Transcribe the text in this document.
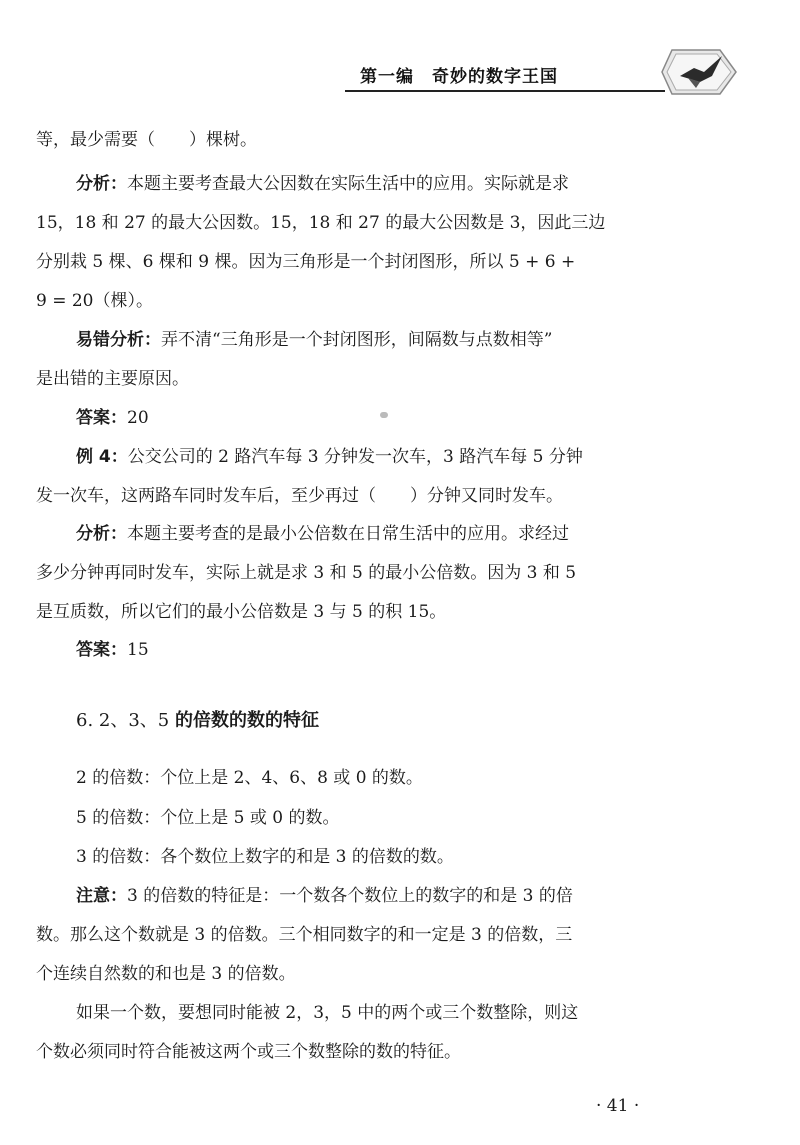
第一编　奇妙的数字王国
等，最少需要（　　）棵树。
分析：本题主要考查最大公因数在实际生活中的应用。实际就是求
15，18 和 27 的最大公因数。15，18 和 27 的最大公因数是 3，因此三边
分别栽 5 棵、6 棵和 9 棵。因为三角形是一个封闭图形，所以 5 + 6 +
9 = 20（棵）。
易错分析：弄不清“三角形是一个封闭图形，间隔数与点数相等”
是出错的主要原因。
答案：20
例 4：公交公司的 2 路汽车每 3 分钟发一次车，3 路汽车每 5 分钟
发一次车，这两路车同时发车后，至少再过（　　）分钟又同时发车。
分析：本题主要考查的是最小公倍数在日常生活中的应用。求经过
多少分钟再同时发车，实际上就是求 3 和 5 的最小公倍数。因为 3 和 5
是互质数，所以它们的最小公倍数是 3 与 5 的积 15。
答案：15
6. 2、3、5 的倍数的数的特征
2 的倍数：个位上是 2、4、6、8 或 0 的数。
5 的倍数：个位上是 5 或 0 的数。
3 的倍数：各个数位上数字的和是 3 的倍数的数。
注意：3 的倍数的特征是：一个数各个数位上的数字的和是 3 的倍
数。那么这个数就是 3 的倍数。三个相同数字的和一定是 3 的倍数，三
个连续自然数的和也是 3 的倍数。
如果一个数，要想同时能被 2，3，5 中的两个或三个数整除，则这
个数必须同时符合能被这两个或三个数整除的数的特征。
· 41 ·
